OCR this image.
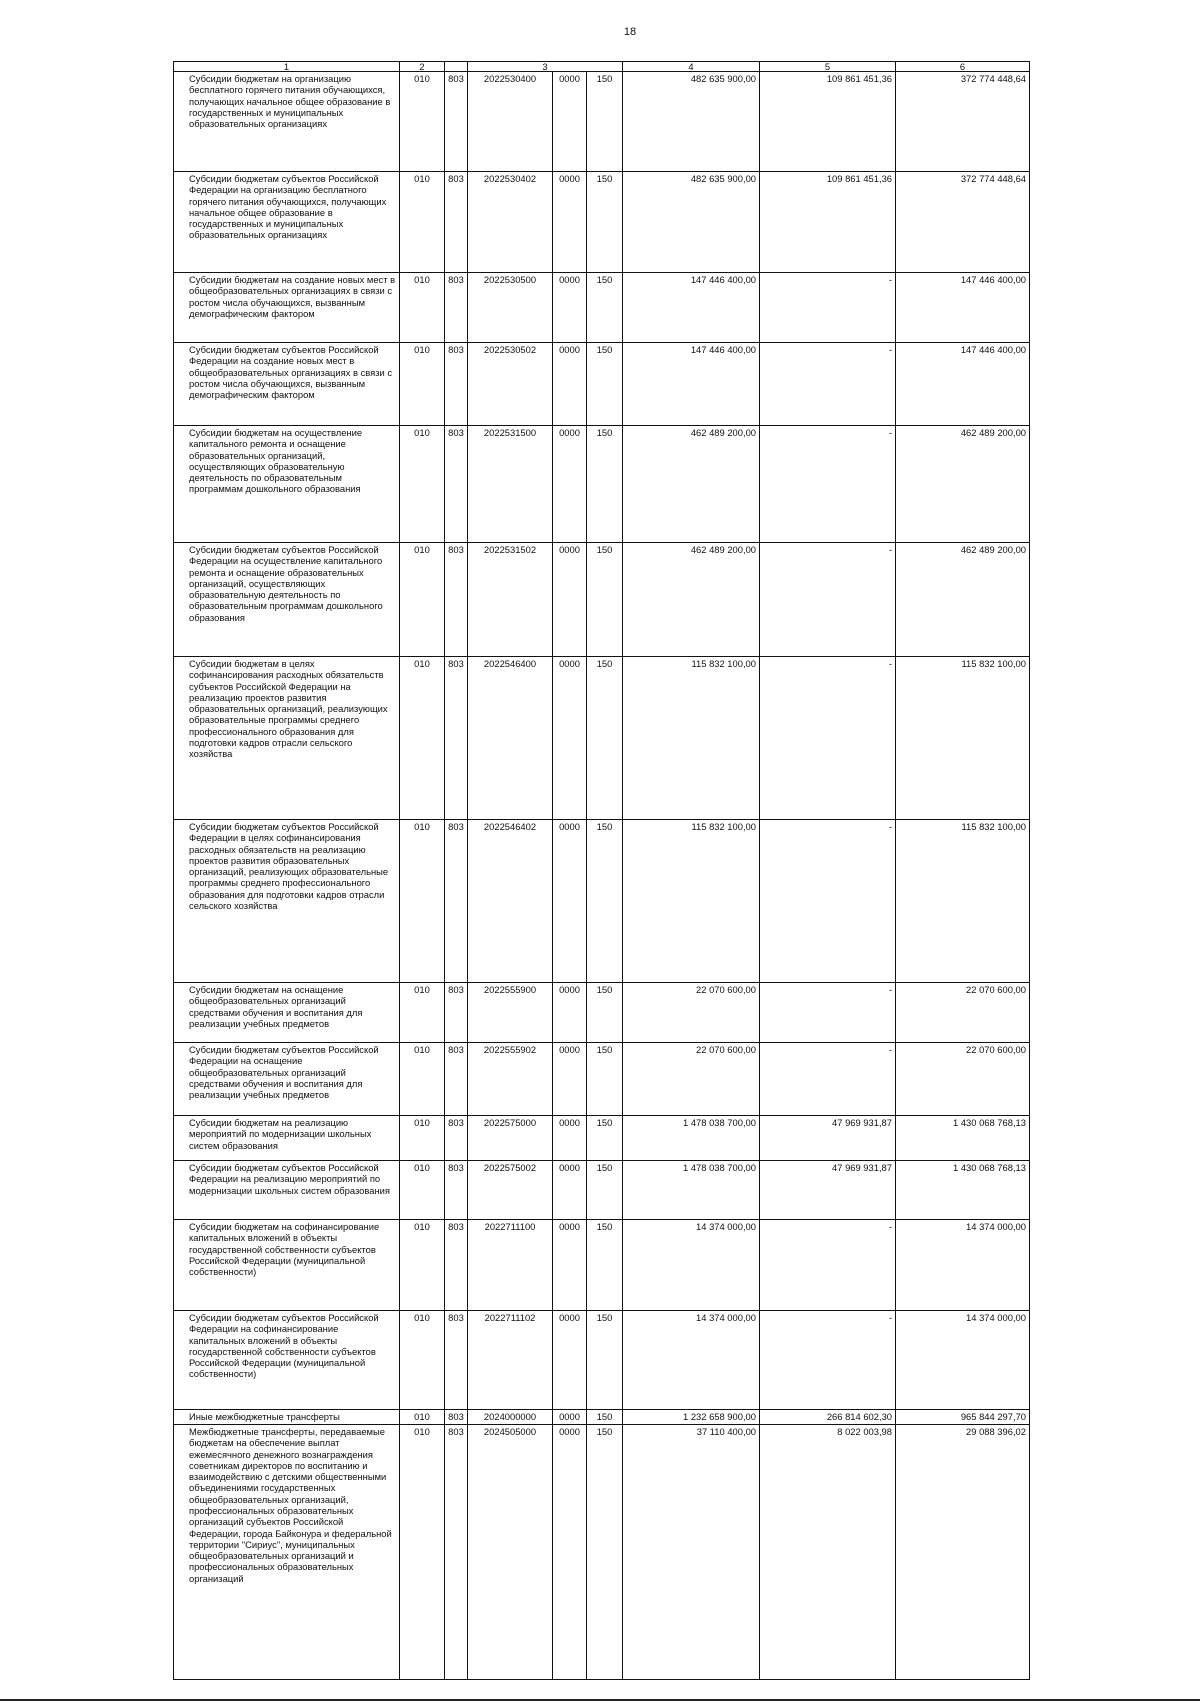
18
1	2		3			4	5	6
Субсидии бюджетам на организацию бесплатного горячего питания обучающихся, получающих начальное общее образование в государственных и муниципальных образовательных организациях	010	803	2022530400	0000	150	482 635 900,00	109 861 451,36	372 774 448,64
Субсидии бюджетам субъектов Российской Федерации на организацию бесплатного горячего питания обучающихся, получающих начальное общее образование в государственных и муниципальных образовательных организациях	010	803	2022530402	0000	150	482 635 900,00	109 861 451,36	372 774 448,64
Субсидии бюджетам на создание новых мест в общеобразовательных организациях в связи с ростом числа обучающихся, вызванным демографическим фактором	010	803	2022530500	0000	150	147 446 400,00	-	147 446 400,00
Субсидии бюджетам субъектов Российской Федерации на создание новых мест в общеобразовательных организациях в связи с ростом числа обучающихся, вызванным демографическим фактором	010	803	2022530502	0000	150	147 446 400,00	-	147 446 400,00
Субсидии бюджетам на осуществление капитального ремонта и оснащение образовательных организаций, осуществляющих образовательную деятельность по образовательным программам дошкольного образования	010	803	2022531500	0000	150	462 489 200,00	-	462 489 200,00
Субсидии бюджетам субъектов Российской Федерации на осуществление капитального ремонта и оснащение образовательных организаций, осуществляющих образовательную деятельность по образовательным программам дошкольного образования	010	803	2022531502	0000	150	462 489 200,00	-	462 489 200,00
Субсидии бюджетам в целях софинансирования расходных обязательств субъектов Российской Федерации на реализацию проектов развития образовательных организаций, реализующих образовательные программы среднего профессионального образования для подготовки кадров отрасли сельского хозяйства	010	803	2022546400	0000	150	115 832 100,00	-	115 832 100,00
Субсидии бюджетам субъектов Российской Федерации в целях софинансирования расходных обязательств на реализацию проектов развития образовательных организаций, реализующих образовательные программы среднего профессионального образования для подготовки кадров отрасли сельского хозяйства	010	803	2022546402	0000	150	115 832 100,00	-	115 832 100,00
Субсидии бюджетам на оснащение общеобразовательных организаций средствами обучения и воспитания для реализации учебных предметов	010	803	2022555900	0000	150	22 070 600,00	-	22 070 600,00
Субсидии бюджетам субъектов Российской Федерации на оснащение общеобразовательных организаций средствами обучения и воспитания для реализации учебных предметов	010	803	2022555902	0000	150	22 070 600,00	-	22 070 600,00
Субсидии бюджетам на реализацию мероприятий по модернизации школьных систем образования	010	803	2022575000	0000	150	1 478 038 700,00	47 969 931,87	1 430 068 768,13
Субсидии бюджетам субъектов Российской Федерации на реализацию мероприятий по модернизации школьных систем образования	010	803	2022575002	0000	150	1 478 038 700,00	47 969 931,87	1 430 068 768,13
Субсидии бюджетам на софинансирование капитальных вложений в объекты государственной собственности субъектов Российской Федерации (муниципальной собственности)	010	803	2022711100	0000	150	14 374 000,00	-	14 374 000,00
Субсидии бюджетам субъектов Российской Федерации на софинансирование капитальных вложений в объекты государственной собственности субъектов Российской Федерации (муниципальной собственности)	010	803	2022711102	0000	150	14 374 000,00	-	14 374 000,00
Иные межбюджетные трансферты	010	803	2024000000	0000	150	1 232 658 900,00	266 814 602,30	965 844 297,70
Межбюджетные трансферты, передаваемые бюджетам на обеспечение выплат ежемесячного денежного вознаграждения советникам директоров по воспитанию и взаимодействию с детскими общественными объединениями государственных общеобразовательных организаций, профессиональных образовательных организаций субъектов Российской Федерации, города Байконура и федеральной территории "Сириус", муниципальных общеобразовательных организаций и профессиональных образовательных организаций	010	803	2024505000	0000	150	37 110 400,00	8 022 003,98	29 088 396,02
